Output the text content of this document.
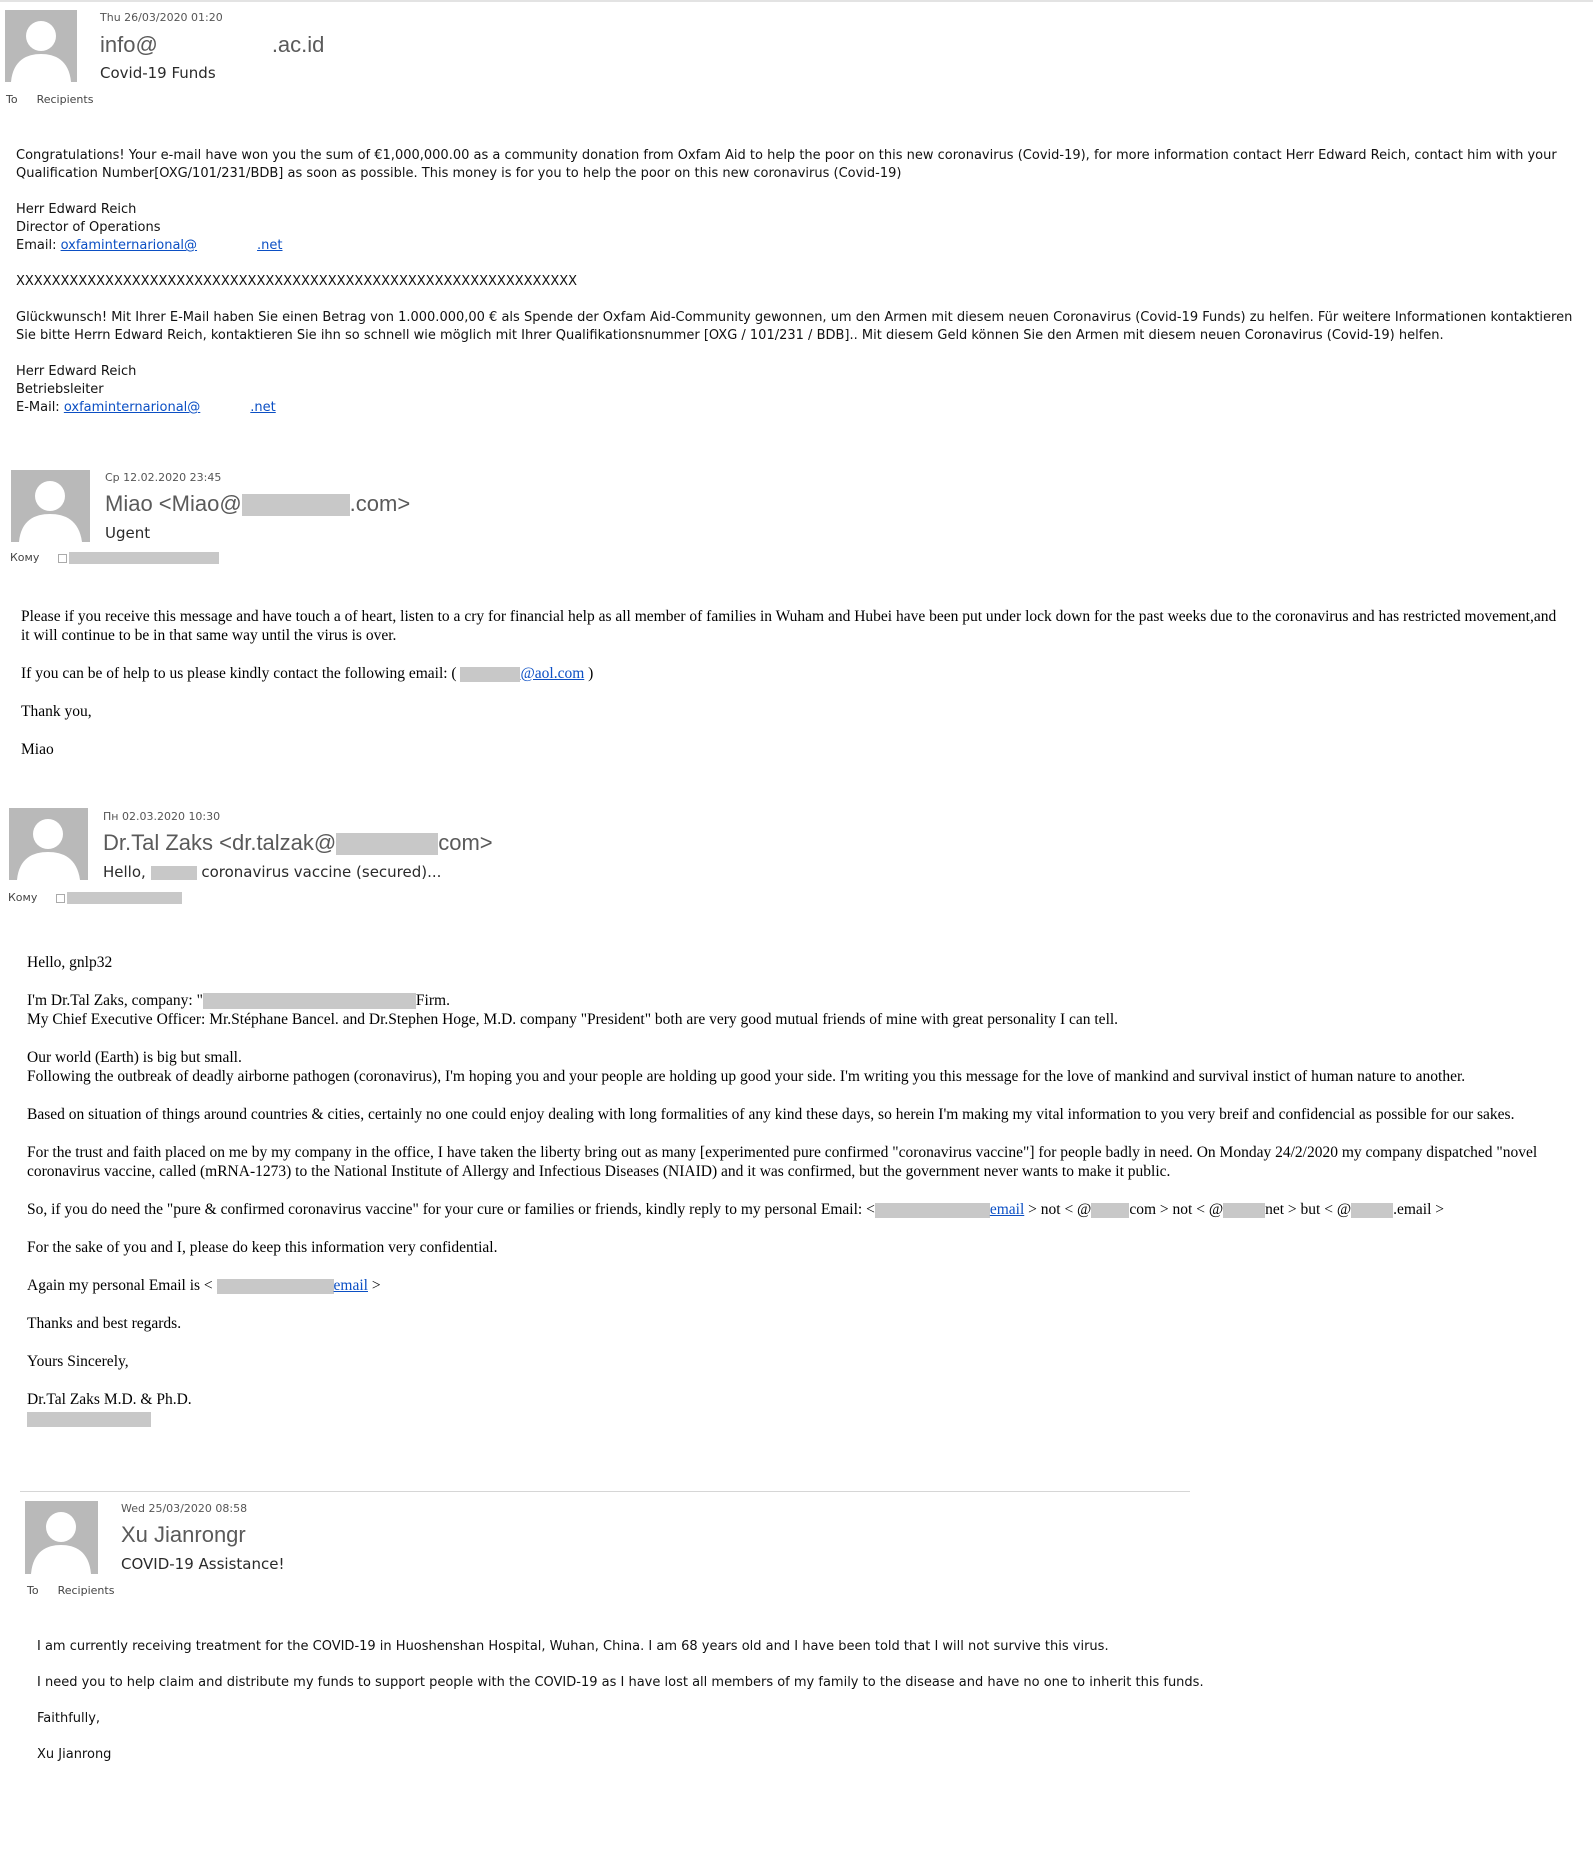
Thu 26/03/2020 01:20
info@	.ac.id
Covid-19 Funds
To Recipients

Congratulations! Your e-mail have won you the sum of €1,000,000.00 as a community donation from Oxfam Aid to help the poor on this new coronavirus (Covid-19), for more information contact Herr Edward Reich, contact him with your Qualification Number[OXG/101/231/BDB] as soon as possible. This money is for you to help the poor on this new coronavirus (Covid-19)

Herr Edward Reich

Director of Operations

Email: oxfaminternarional@	.net

XXXXXXXXXXXXXXXXXXXXXXXXXXXXXXXXXXXXXXXXXXXXXXXXXXXXXXXXXXXXXXX

Glückwunsch! Mit Ihrer E-Mail haben Sie einen Betrag von 1.000.000,00 € als Spende der Oxfam Aid-Community gewonnen, um den Armen mit diesem neuen Coronavirus (Covid-19 Funds) zu helfen. Für weitere Informationen kontaktieren Sie bitte Herrn Edward Reich, kontaktieren Sie ihn so schnell wie möglich mit Ihrer Qualifikationsnummer [OXG / 101/231 / BDB].. Mit diesem Geld können Sie den Armen mit diesem neuen Coronavirus (Covid-19) helfen.

Herr Edward Reich

Betriebsleiter

E-Mail: oxfaminternarional@	.net

Ср 12.02.2020 23:45
Miao <Miao@	.com>
Ugent
Кому

Please if you receive this message and have touch a of heart, listen to a cry for financial help as all member of families in Wuham and Hubei have been put under lock down for the past weeks due to the coronavirus and has restricted movement,and it will continue to be in that same way until the virus is over.

If you can be of help to us please kindly contact the following email: (	@aol.com )

Thank you,

Miao

Пн 02.03.2020 10:30
Dr.Tal Zaks <dr.talzak@	com>
Hello,	coronavirus vaccine (secured)...
Кому

Hello, gnlp32

I'm Dr.Tal Zaks, company: "	Firm.

My Chief Executive Officer: Mr.Stéphane Bancel. and Dr.Stephen Hoge, M.D. company "President" both are very good mutual friends of mine with great personality I can tell.

Our world (Earth) is big but small.

Following the outbreak of deadly airborne pathogen (coronavirus), I'm hoping you and your people are holding up good your side. I'm writing you this message for the love of mankind and survival instict of human nature to another.

Based on situation of things around countries & cities, certainly no one could enjoy dealing with long formalities of any kind these days, so herein I'm making my vital information to you very breif and confidencial as possible for our sakes.

For the trust and faith placed on me by my company in the office, I have taken the liberty bring out as many [experimented pure confirmed "coronavirus vaccine"] for people badly in need. On Monday 24/2/2020 my company dispatched "novel coronavirus vaccine, called (mRNA-1273) to the National Institute of Allergy and Infectious Diseases (NIAID) and it was confirmed, but the government never wants to make it public.

So, if you do need the "pure & confirmed coronavirus vaccine" for your cure or families or friends, kindly reply to my personal Email: <	email > not < @ com > not < @	net > but < @	.email >

For the sake of you and I, please do keep this information very confidential.

Again my personal Email is <	email >

Thanks and best regards.

Yours Sincerely,

Dr.Tal Zaks M.D. & Ph.D.

Wed 25/03/2020 08:58
Xu Jianrongr
COVID-19 Assistance!
To Recipients

I am currently receiving treatment for the COVID-19 in Huoshenshan Hospital, Wuhan, China. I am 68 years old and I have been told that I will not survive this virus.

I need you to help claim and distribute my funds to support people with the COVID-19 as I have lost all members of my family to the disease and have no one to inherit this funds.

Faithfully,

Xu Jianrong
